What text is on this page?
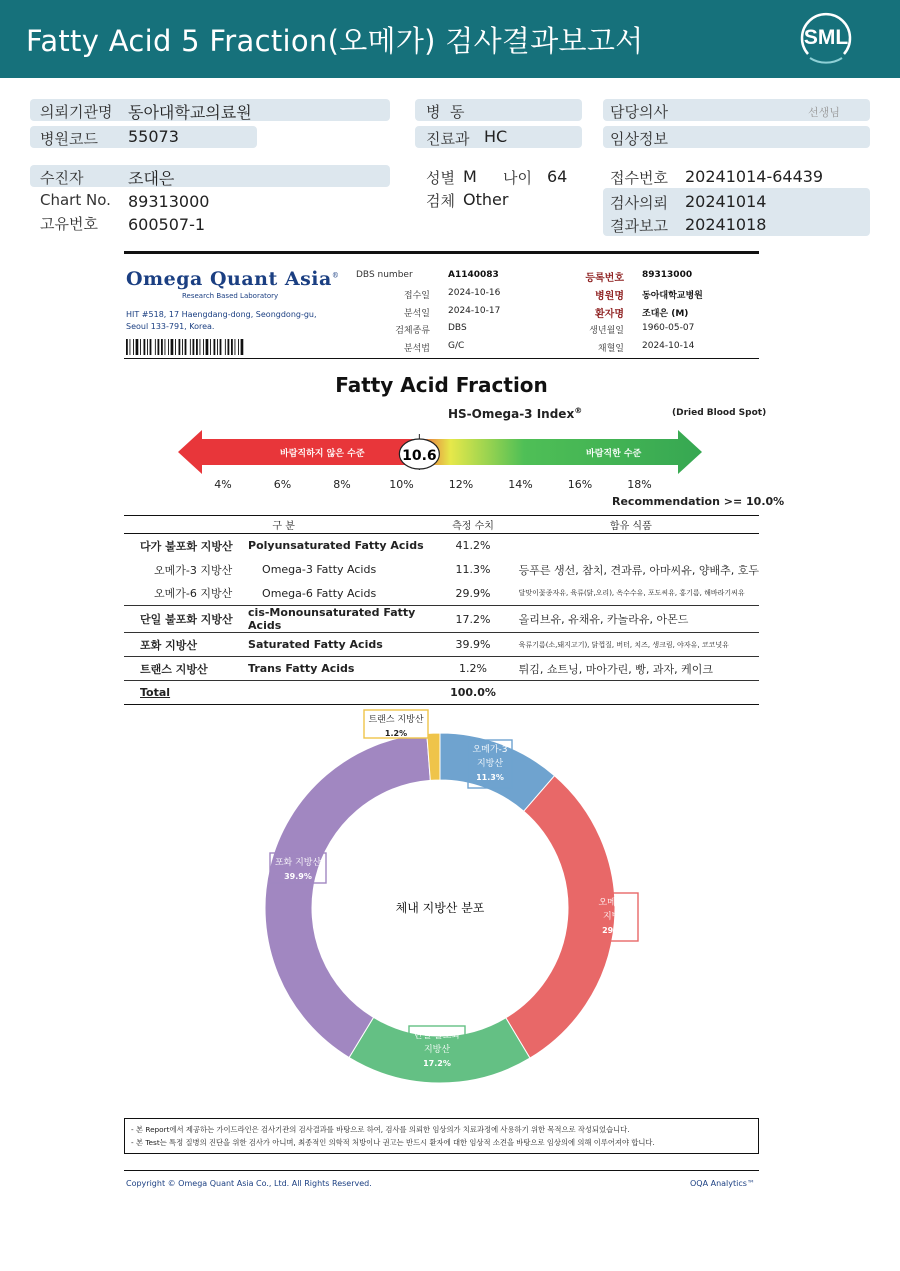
Fatty Acid 5 Fraction(오메가) 검사결과보고서	SML
의뢰기관명 동아대학교의료원
병원코드 55073
수진자	조대은
Chart No. 89313000
고유번호 600507-1
병  동
진료과 HC
성별 M 나이 64
검체 Other
담당의사	선생님
임상정보
접수번호 20241014-64439
검사의뢰 20241014
결과보고 20241018
Omega Quant Asia®
Research Based Laboratory
HIT #518, 17 Haengdang-dong, Seongdong-gu, Seoul 133-791, Korea.
DBS number	A1140083
접수일 2024-10-16
분석일 2024-10-17
검체종류 DBS
분석법 G/C
등록번호 89313000
병원명 동아대학교병원
환자명 조대은 (M)
생년월일 1960-05-07
채혈일 2024-10-14
Fatty Acid Fraction
HS-Omega-3 Index®	(Dried Blood Spot)
바람직하지 않은 수준	바람직한 수준
10.6
4%	6%	8%	10%	12%	14%	16%	18%
Recommendation >= 10.0%
구 분		측정 수치	함유 식품
다가 불포화 지방산	Polyunsaturated Fatty Acids	41.2%	
오메가-3 지방산	Omega-3 Fatty Acids	11.3%	등푸른 생선, 참치, 견과류, 아마씨유, 양배추, 호두
오메가-6 지방산	Omega-6 Fatty Acids	29.9%	달맞이꽃종자유, 육류(닭,오리), 옥수수유, 포도씨유, 홍기름, 해바라기씨유
단일 불포화 지방산	cis-Monounsaturated Fatty Acids	17.2%	올리브유, 유채유, 카놀라유, 아몬드
포화 지방산	Saturated Fatty Acids	39.9%	육류기름(소,돼지고기), 닭껍질, 버터, 치즈, 생크림, 야자유, 코코넛유
트랜스 지방산	Trans Fatty Acids	1.2%	튀김, 쇼트닝, 마아가린, 빵, 과자, 케이크
Total		100.0%	
체내 지방산 분포
오메가-3
지방산
11.3%
오메가-6
지방산
29.9%
단일 불포화
지방산
17.2%
포화 지방산
39.9%
트랜스 지방산
1.2%
- 본 Report에서 제공하는 가이드라인은 검사기관의 검사결과를 바탕으로 하여, 검사를 의뢰한 임상의가 치료과정에 사용하기 위한 목적으로 작성되었습니다.
- 본 Test는 특정 질병의 진단을 위한 검사가 아니며, 최종적인 의학적 처방이나 권고는 반드시 환자에 대한 임상적 소견을 바탕으로 임상의에 의해 이루어져야 합니다.
Copyright © Omega Quant Asia Co., Ltd. All Rights Reserved.	OQA Analytics™
